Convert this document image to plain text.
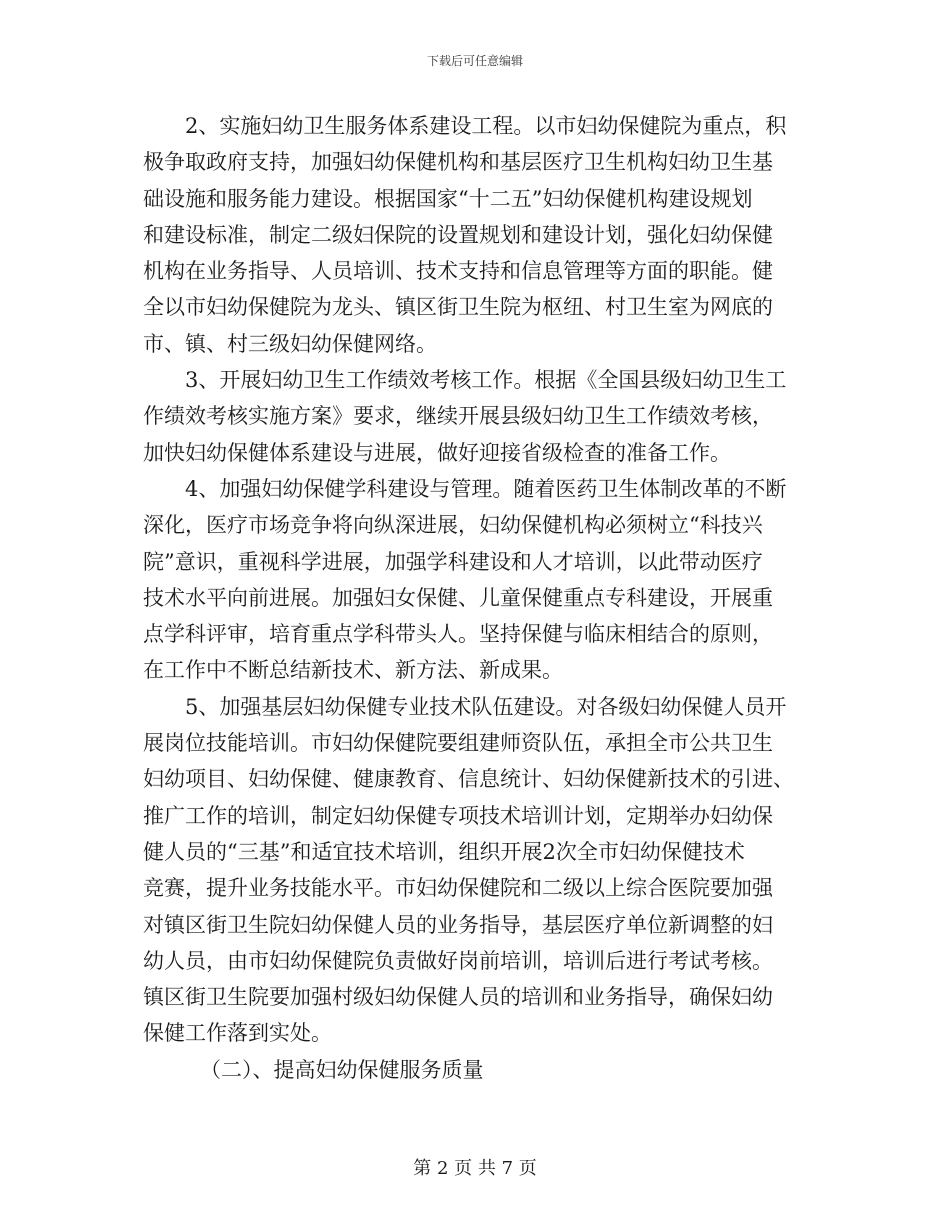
下载后可任意编辑

2、实施妇幼卫生服务体系建设工程。以市妇幼保健院为重点，积
极争取政府支持，加强妇幼保健机构和基层医疗卫生机构妇幼卫生基
础设施和服务能力建设。根据国家“十二五”妇幼保健机构建设规划
和建设标准，制定二级妇保院的设置规划和建设计划，强化妇幼保健
机构在业务指导、人员培训、技术支持和信息管理等方面的职能。健
全以市妇幼保健院为龙头、镇区街卫生院为枢纽、村卫生室为网底的
市、镇、村三级妇幼保健网络。

3、开展妇幼卫生工作绩效考核工作。根据《全国县级妇幼卫生工
作绩效考核实施方案》要求，继续开展县级妇幼卫生工作绩效考核，
加快妇幼保健体系建设与进展，做好迎接省级检查的准备工作。

4、加强妇幼保健学科建设与管理。随着医药卫生体制改革的不断
深化，医疗市场竞争将向纵深进展，妇幼保健机构必须树立“科技兴
院”意识，重视科学进展，加强学科建设和人才培训，以此带动医疗
技术水平向前进展。加强妇女保健、儿童保健重点专科建设，开展重
点学科评审，培育重点学科带头人。坚持保健与临床相结合的原则，
在工作中不断总结新技术、新方法、新成果。

5、加强基层妇幼保健专业技术队伍建设。对各级妇幼保健人员开
展岗位技能培训。市妇幼保健院要组建师资队伍，承担全市公共卫生
妇幼项目、妇幼保健、健康教育、信息统计、妇幼保健新技术的引进、
推广工作的培训，制定妇幼保健专项技术培训计划，定期举办妇幼保
健人员的“三基”和适宜技术培训，组织开展2次全市妇幼保健技术
竞赛，提升业务技能水平。市妇幼保健院和二级以上综合医院要加强
对镇区街卫生院妇幼保健人员的业务指导，基层医疗单位新调整的妇
幼人员，由市妇幼保健院负责做好岗前培训，培训后进行考试考核。
镇区街卫生院要加强村级妇幼保健人员的培训和业务指导，确保妇幼
保健工作落到实处。

（二）、提高妇幼保健服务质量

第 2 页 共 7 页
